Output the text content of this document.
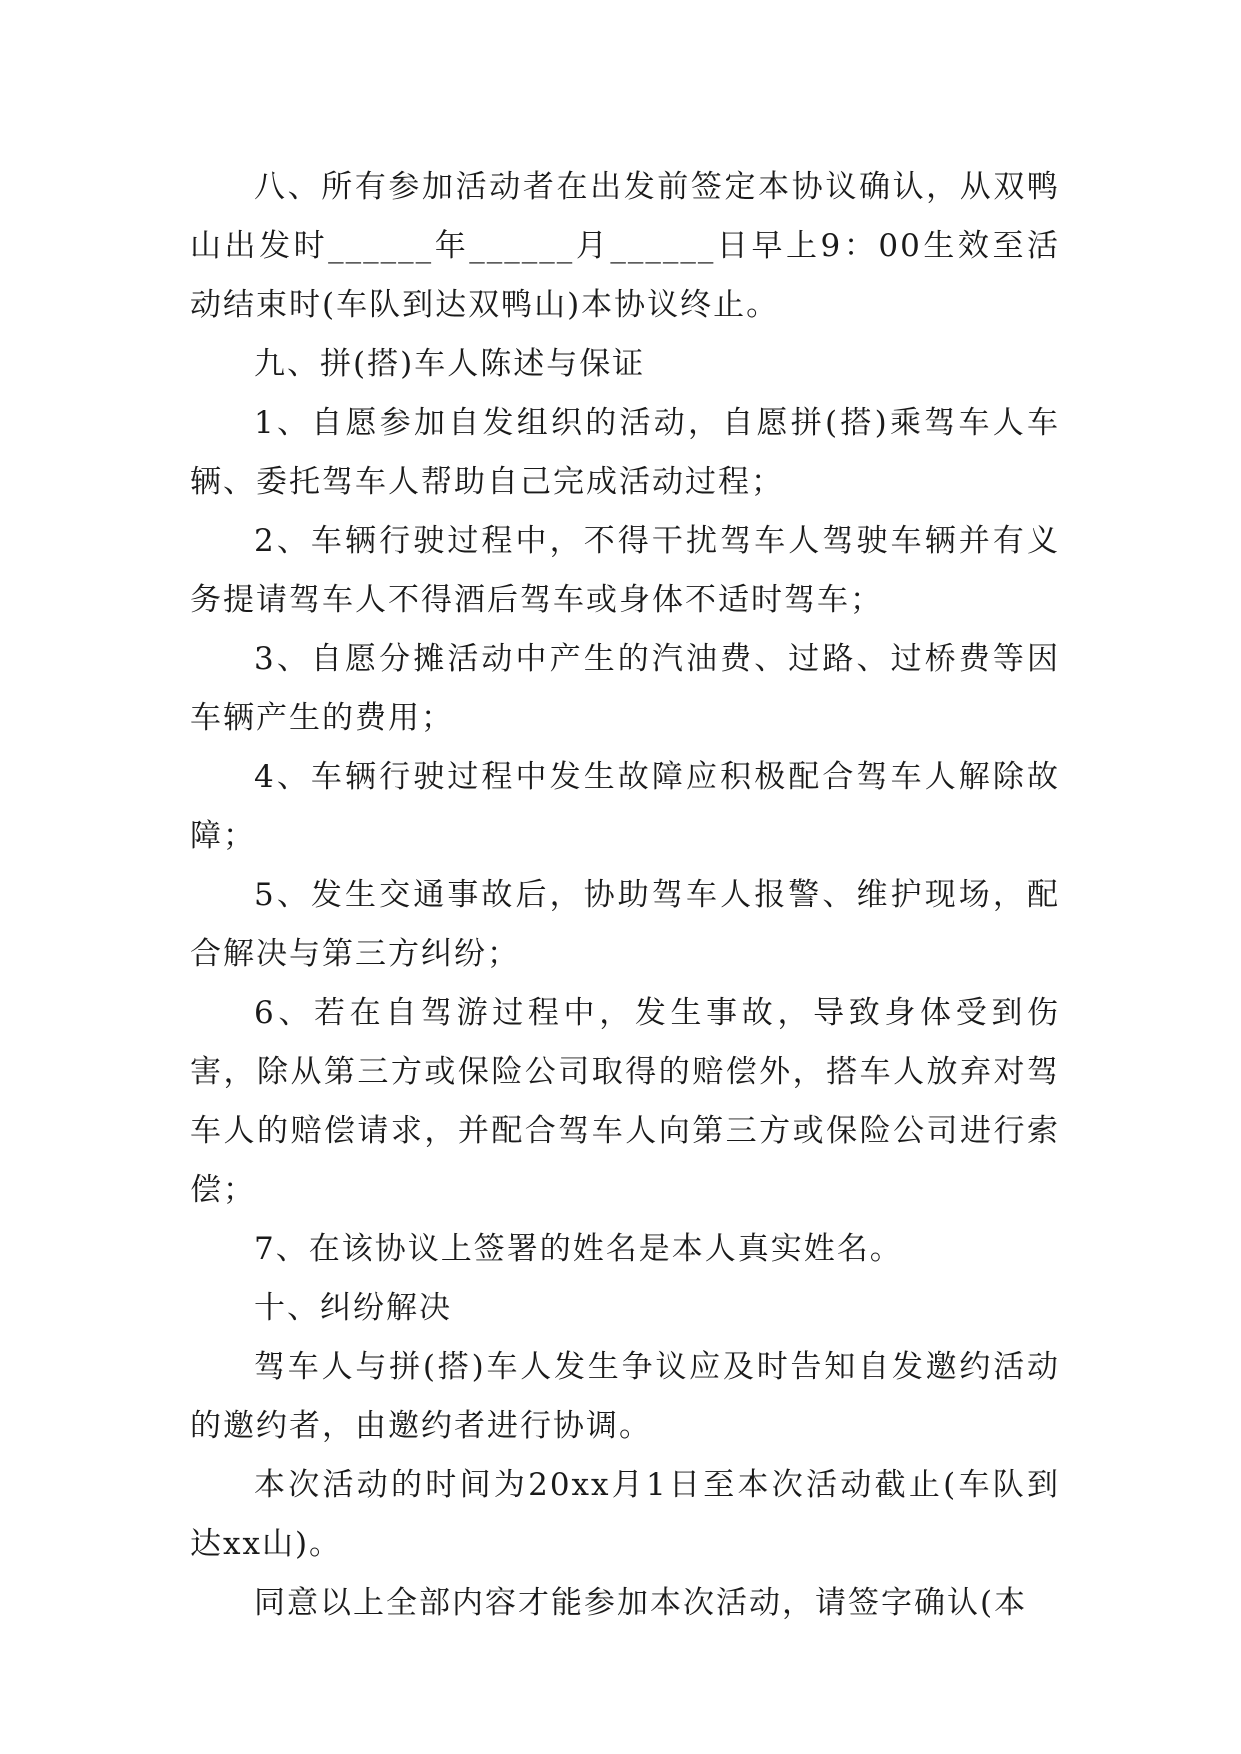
八、所有参加活动者在出发前签定本协议确认，从双鸭山出发时______年______月______日早上9：00生效至活动结束时(车队到达双鸭山)本协议终止。

九、拼(搭)车人陈述与保证

1、自愿参加自发组织的活动，自愿拼(搭)乘驾车人车辆、委托驾车人帮助自己完成活动过程；

2、车辆行驶过程中，不得干扰驾车人驾驶车辆并有义务提请驾车人不得酒后驾车或身体不适时驾车；

3、自愿分摊活动中产生的汽油费、过路、过桥费等因车辆产生的费用；

4、车辆行驶过程中发生故障应积极配合驾车人解除故障；

5、发生交通事故后，协助驾车人报警、维护现场，配合解决与第三方纠纷；

6、若在自驾游过程中，发生事故，导致身体受到伤害，除从第三方或保险公司取得的赔偿外，搭车人放弃对驾车人的赔偿请求，并配合驾车人向第三方或保险公司进行索偿；

7、在该协议上签署的姓名是本人真实姓名。

十、纠纷解决

驾车人与拼(搭)车人发生争议应及时告知自发邀约活动的邀约者，由邀约者进行协调。

本次活动的时间为20xx月1日至本次活动截止(车队到达xx山)。

同意以上全部内容才能参加本次活动，请签字确认(本
